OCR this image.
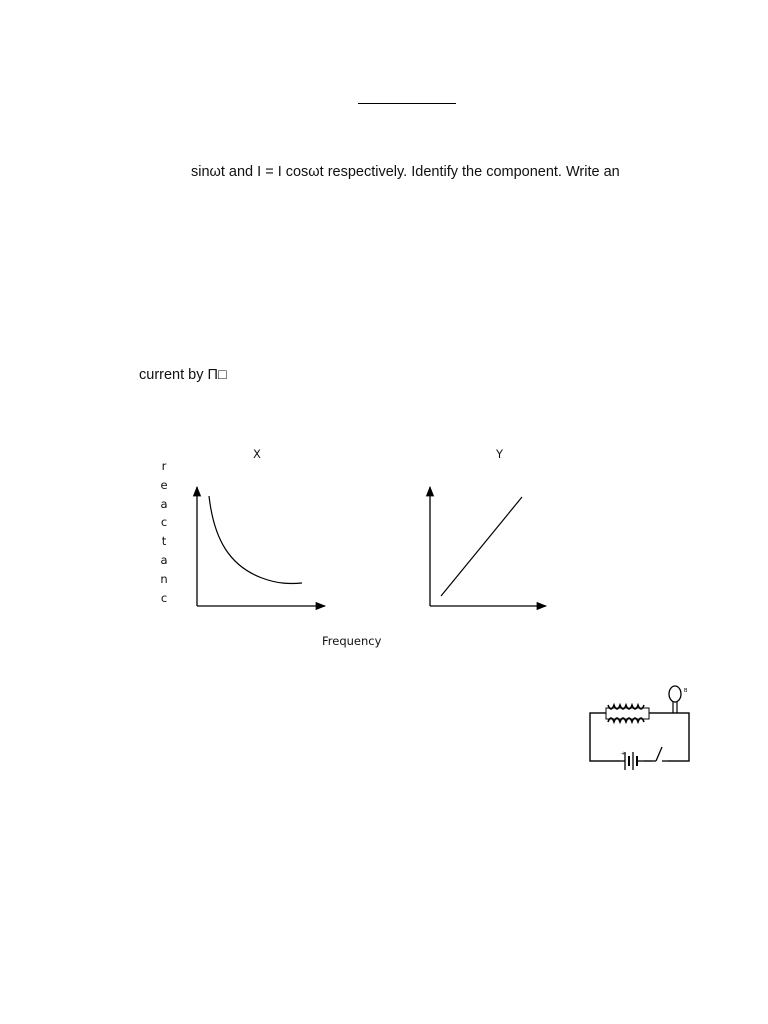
sinωt and I = I cosωt respectively. Identify the component. Write an
current by Π□
X	Y
r
e
a
c
t
a
n
c
Frequency
B
+
